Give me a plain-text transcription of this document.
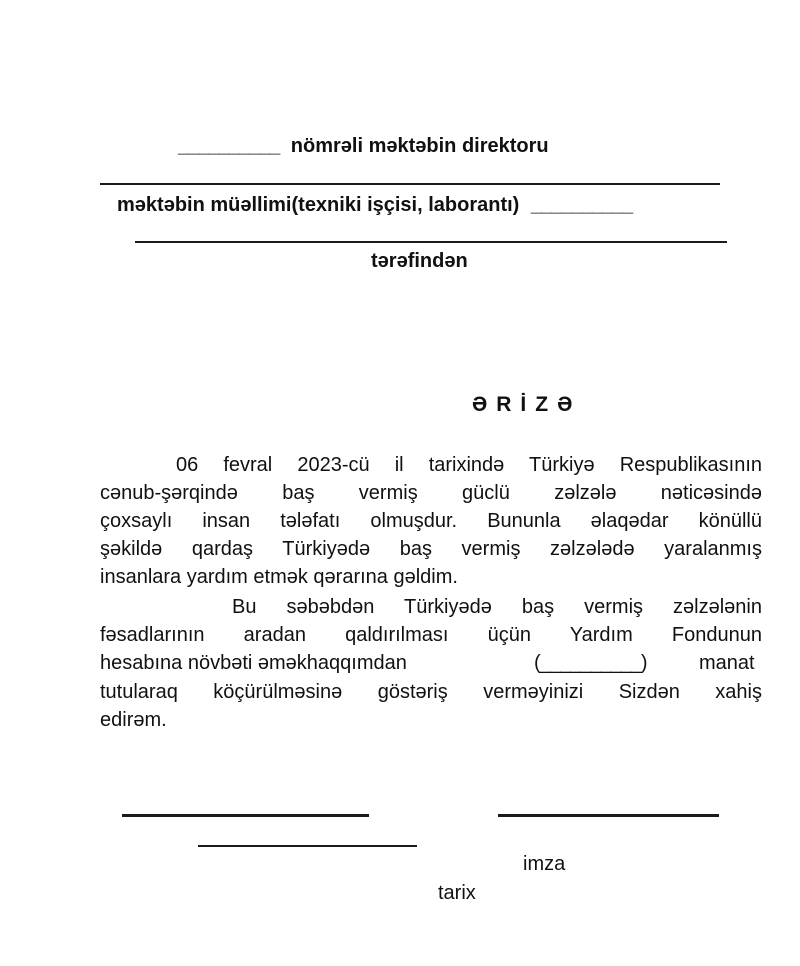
__________ nömrəli məktəbin direktoru
məktəbin müəllimi(texniki işçisi, laborantı) __________
tərəfindən
ƏRİZƏ
06 fevral 2023-cü il tarixində Türkiyə Respublikasının
cənub-şərqində baş vermiş güclü zəlzələ nəticəsində
çoxsaylı insan tələfatı olmuşdur. Bununla əlaqədar könüllü
şəkildə qardaş Türkiyədə baş vermiş zəlzələdə yaralanmış
insanlara yardım etmək qərarına gəldim.
Bu səbəbdən Türkiyədə baş vermiş zəlzələnin
fəsadlarının aradan qaldırılması üçün Yardım Fondunun
hesabına növbəti əməkhaqqımdan	(__________)	manat
tutularaq köçürülməsinə göstəriş verməyinizi Sizdən xahiş
edirəm.
imza
tarix
